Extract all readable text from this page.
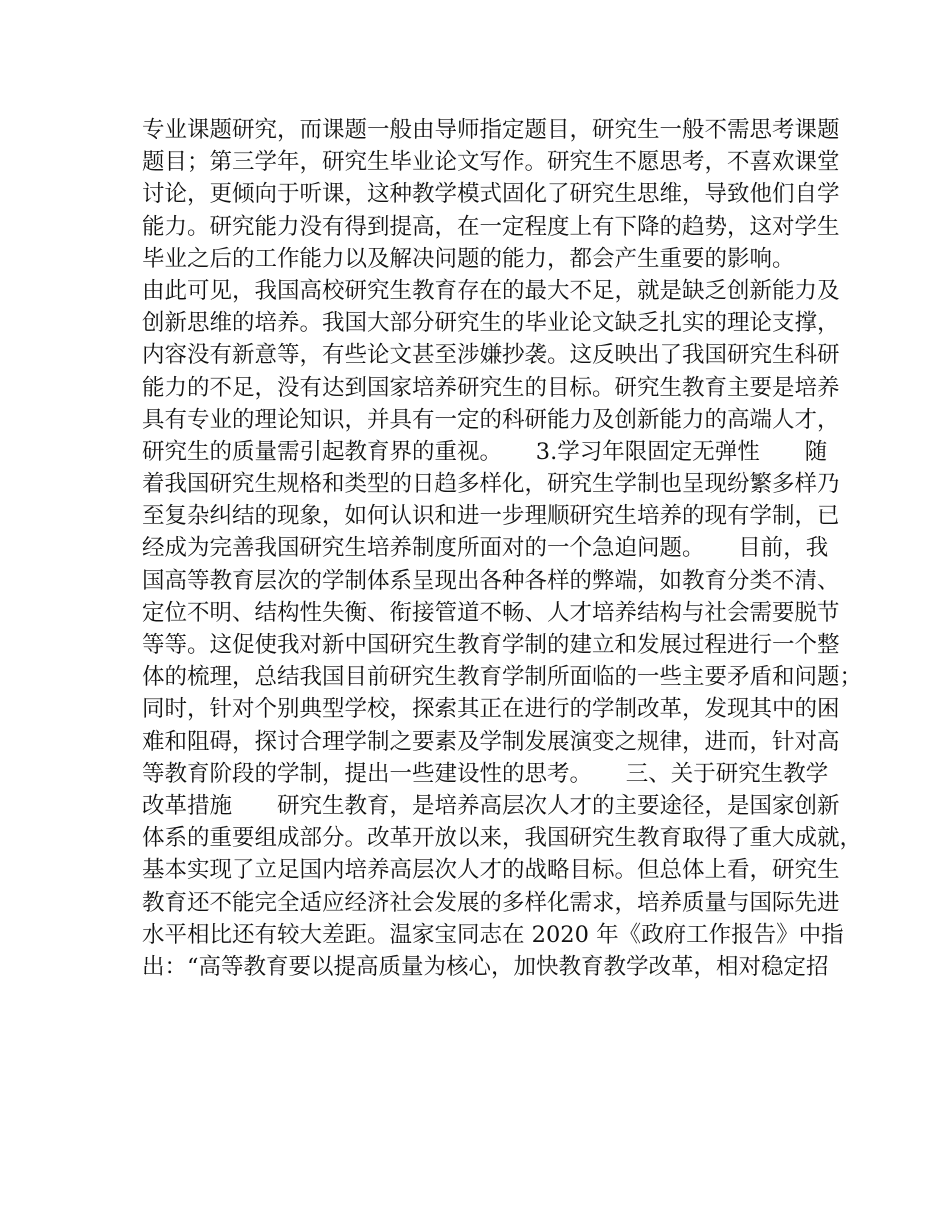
专业课题研究，而课题一般由导师指定题目，研究生一般不需思考课题
题目；第三学年，研究生毕业论文写作。研究生不愿思考，不喜欢课堂
讨论，更倾向于听课，这种教学模式固化了研究生思维，导致他们自学
能力。研究能力没有得到提高，在一定程度上有下降的趋势，这对学生
毕业之后的工作能力以及解决问题的能力，都会产生重要的影响。
由此可见，我国高校研究生教育存在的最大不足，就是缺乏创新能力及
创新思维的培养。我国大部分研究生的毕业论文缺乏扎实的理论支撑，
内容没有新意等，有些论文甚至涉嫌抄袭。这反映出了我国研究生科研
能力的不足，没有达到国家培养研究生的目标。研究生教育主要是培养
具有专业的理论知识，并具有一定的科研能力及创新能力的高端人才，
研究生的质量需引起教育界的重视。　　3.学习年限固定无弹性　　随
着我国研究生规格和类型的日趋多样化，研究生学制也呈现纷繁多样乃
至复杂纠结的现象，如何认识和进一步理顺研究生培养的现有学制，已
经成为完善我国研究生培养制度所面对的一个急迫问题。　　目前，我
国高等教育层次的学制体系呈现出各种各样的弊端，如教育分类不清、
定位不明、结构性失衡、衔接管道不畅、人才培养结构与社会需要脱节
等等。这促使我对新中国研究生教育学制的建立和发展过程进行一个整
体的梳理，总结我国目前研究生教育学制所面临的一些主要矛盾和问题；
同时，针对个别典型学校，探索其正在进行的学制改革，发现其中的困
难和阻碍，探讨合理学制之要素及学制发展演变之规律，进而，针对高
等教育阶段的学制，提出一些建设性的思考。　　三、关于研究生教学
改革措施　　研究生教育，是培养高层次人才的主要途径，是国家创新
体系的重要组成部分。改革开放以来，我国研究生教育取得了重大成就，
基本实现了立足国内培养高层次人才的战略目标。但总体上看，研究生
教育还不能完全适应经济社会发展的多样化需求，培养质量与国际先进
水平相比还有较大差距。温家宝同志在 2020 年《政府工作报告》中指
出：“高等教育要以提高质量为核心，加快教育教学改革，相对稳定招
